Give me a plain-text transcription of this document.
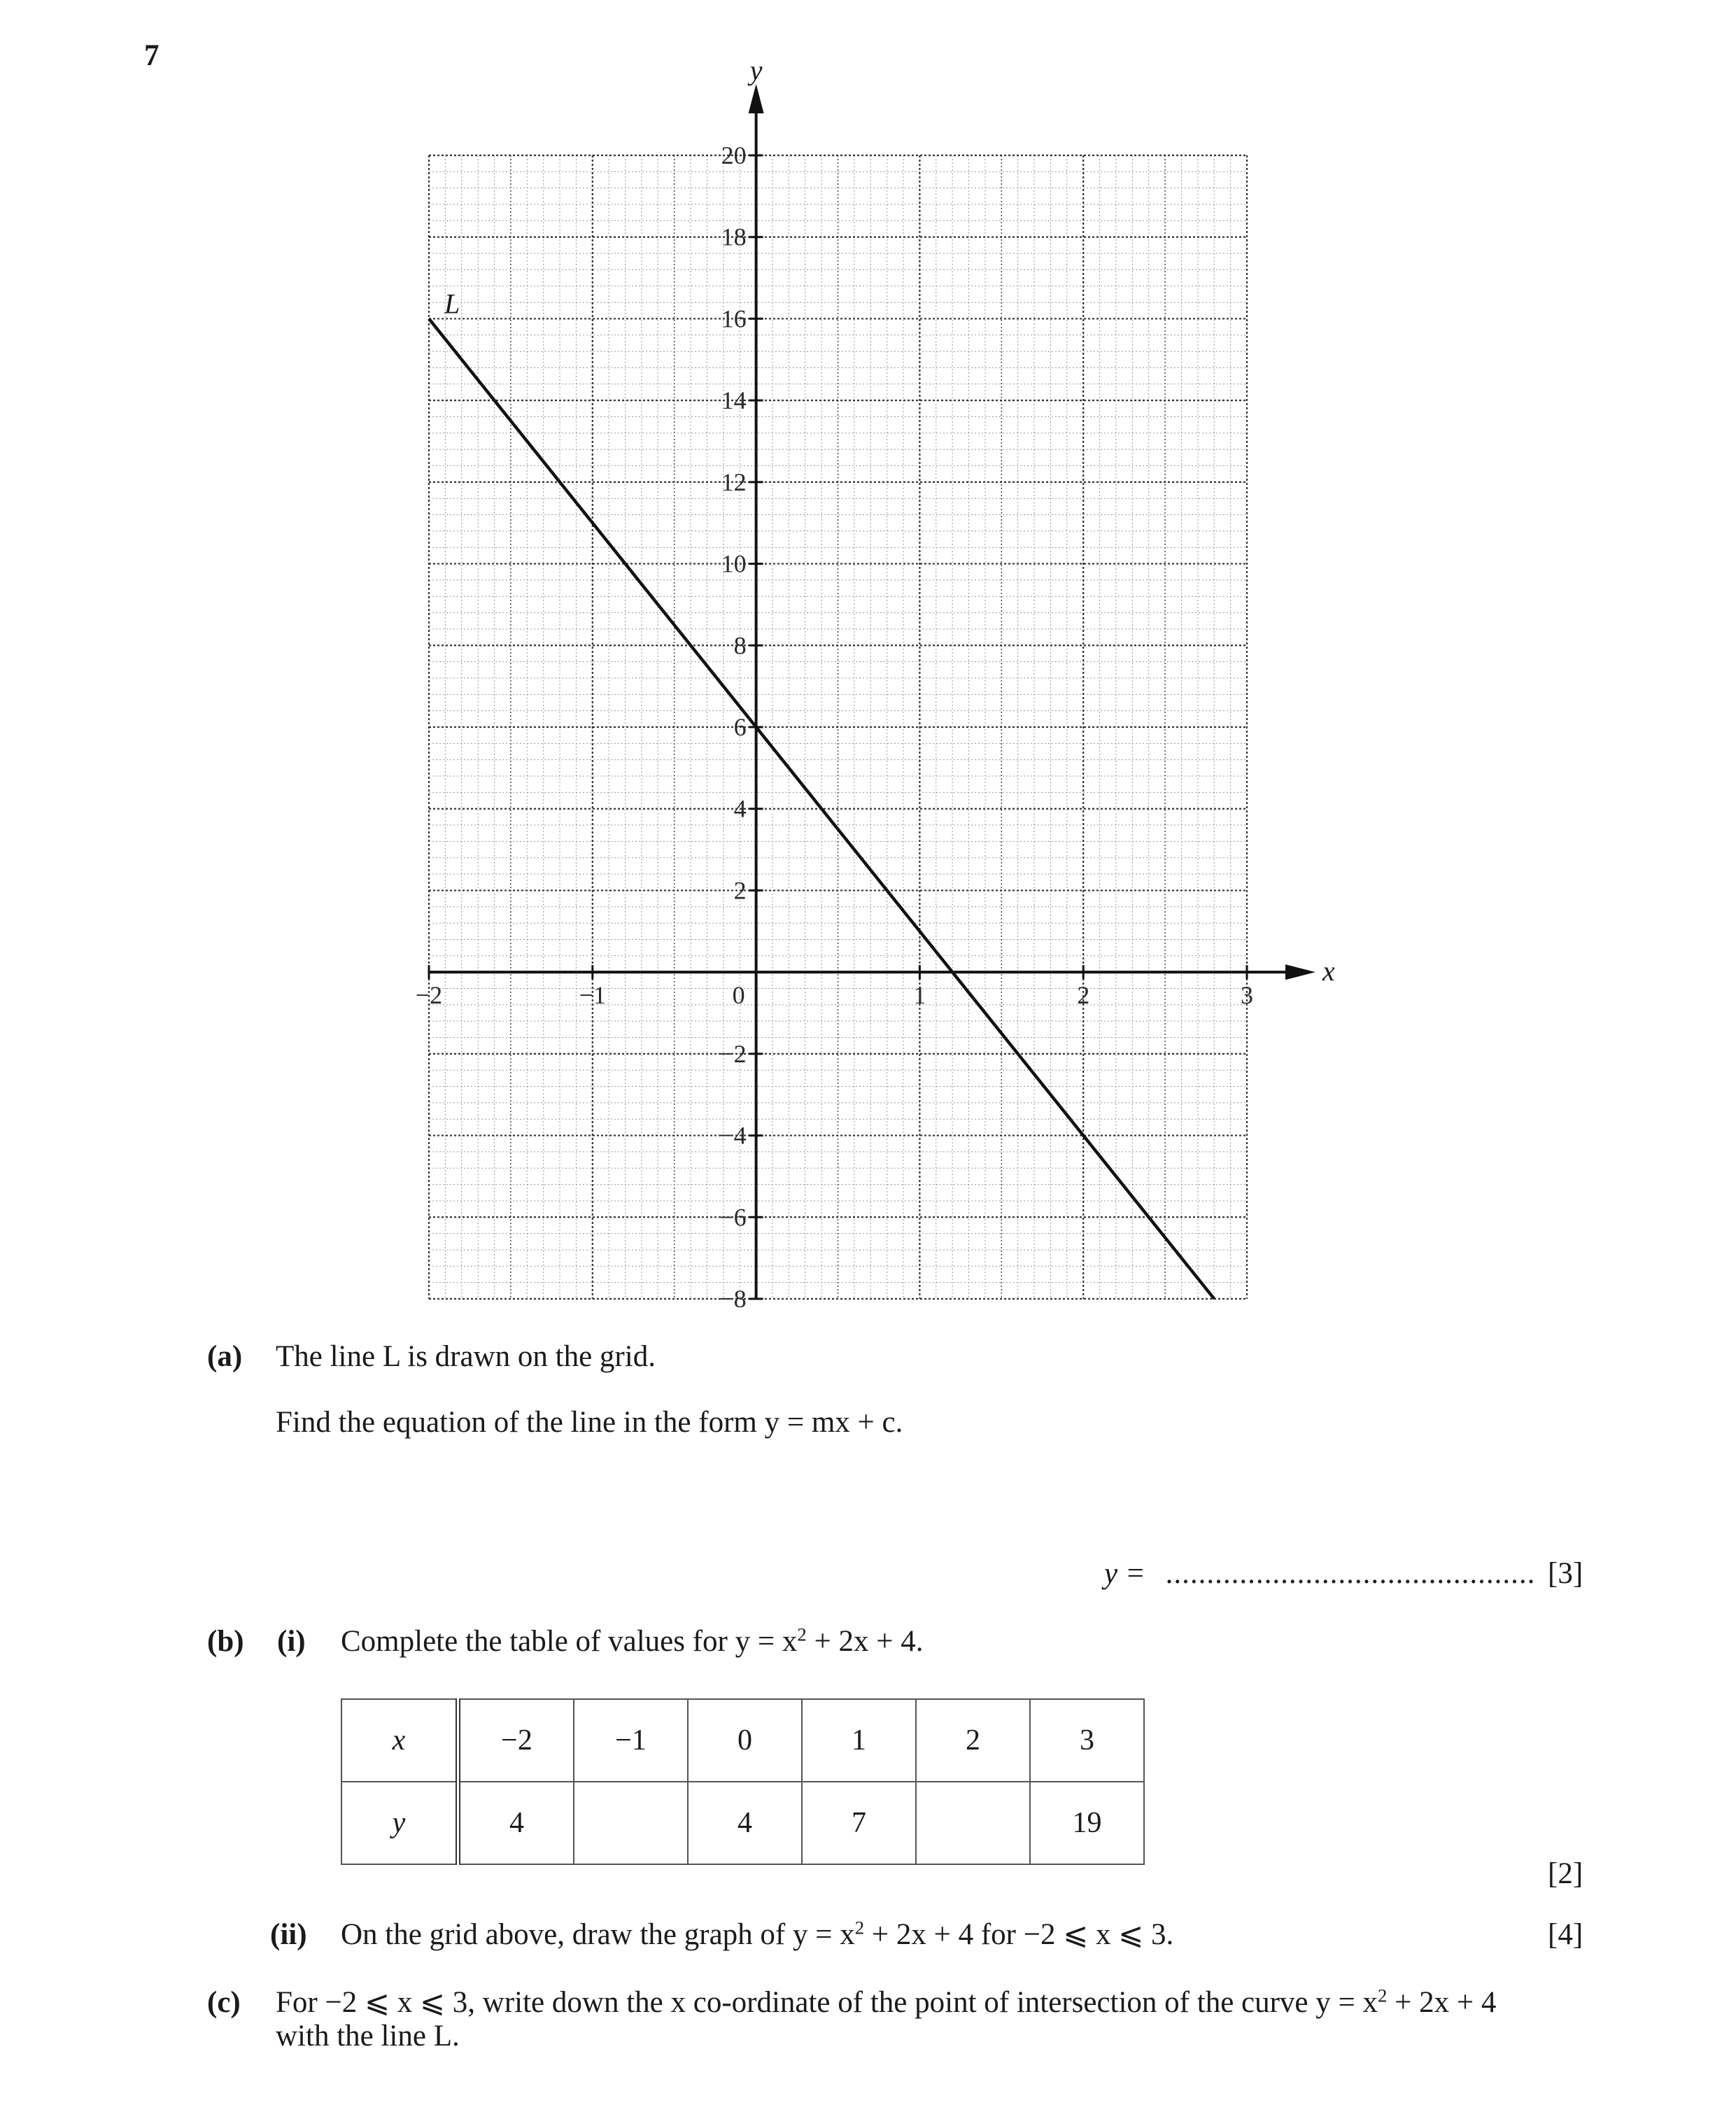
7
−2	−1	0	1	2	3
20
18
16
14
12
10
8
6
4
2
−2
−4
−6
−8
x
y
L
(a) The line L is drawn on the grid.
Find the equation of the line in the form y = mx + c.
y = ............................................. [3]
(b) (i) Complete the table of values for $y = x^2 + 2x + 4$.
x	−2	−1	0	1	2	3
y	4		4	7		19
[2]
(ii) On the grid above, draw the graph of $y = x^2 + 2x + 4$ for −2 ⩽ x ⩽ 3.	[4]
(c) For −2 ⩽ x ⩽ 3, write down the x co-ordinate of the point of intersection of the curve $y = x^2 + 2x + 4$
with the line L.
